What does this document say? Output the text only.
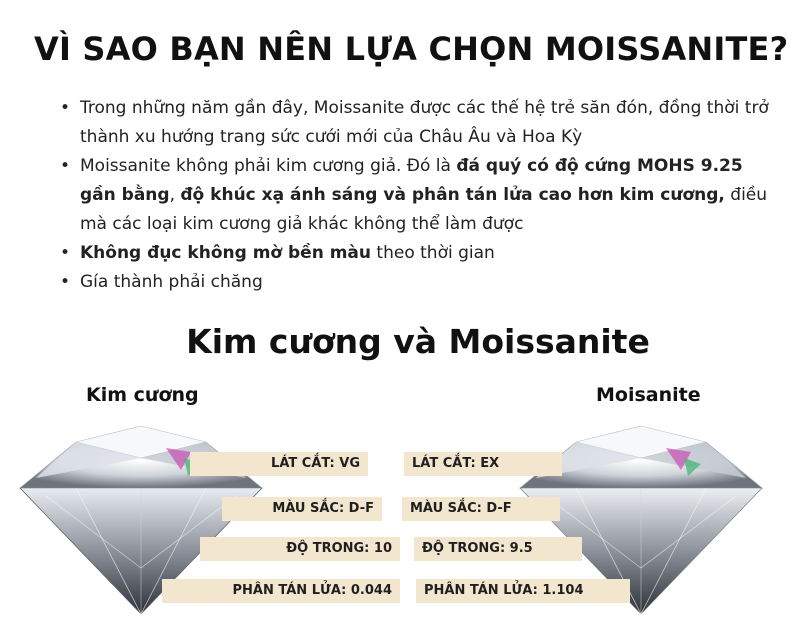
VÌ SAO BẠN NÊN LỰA CHỌN MOISSANITE?
• Trong những năm gần đây, Moissanite được các thế hệ trẻ săn đón, đồng thời trở thành xu hướng trang sức cưới mới của Châu Âu và Hoa Kỳ
• Moissanite không phải kim cương giả. Đó là đá quý có độ cứng MOHS 9.25 gần bằng, độ khúc xạ ánh sáng và phân tán lửa cao hơn kim cương, điều mà các loại kim cương giả khác không thể làm được
• Không đục không mờ bền màu theo thời gian
• Gía thành phải chăng
Kim cương và Moissanite
Kim cương	Moisanite
LÁT CẮT: VG
MÀU SẮC: D-F
ĐỘ TRONG: 10
PHÂN TÁN LỬA: 0.044
LÁT CẮT: EX
MÀU SẮC: D-F
ĐỘ TRONG: 9.5
PHÂN TÁN LỬA: 1.104
